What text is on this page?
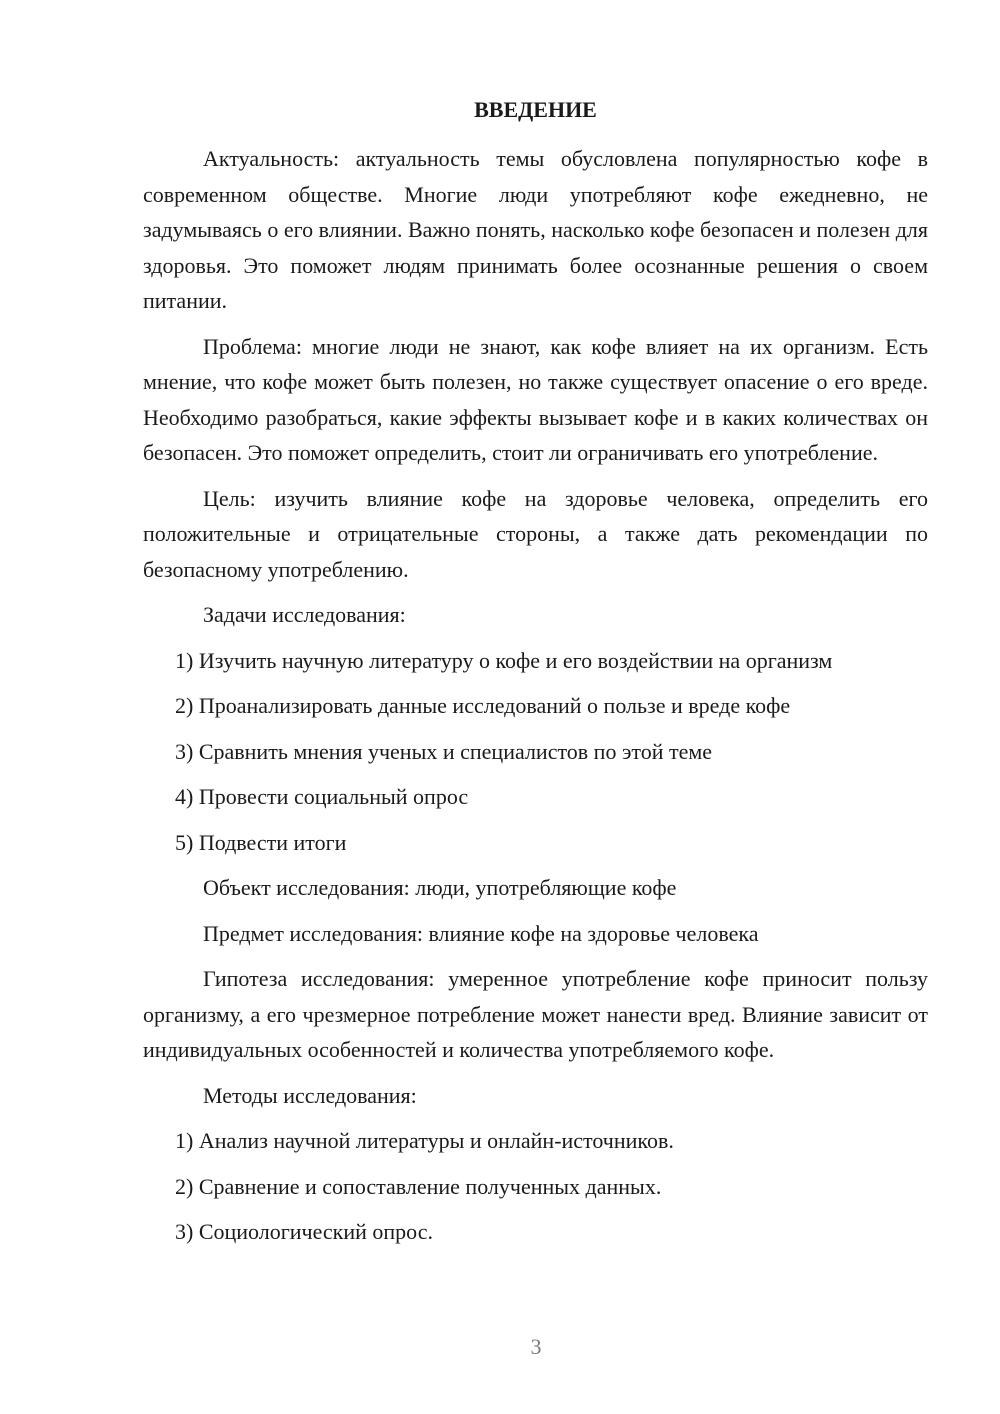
ВВЕДЕНИЕ
Актуальность: актуальность темы обусловлена популярностью кофе в современном обществе. Многие люди употребляют кофе ежедневно, не задумываясь о его влиянии. Важно понять, насколько кофе безопасен и полезен для здоровья. Это поможет людям принимать более осознанные решения о своем питании.
Проблема: многие люди не знают, как кофе влияет на их организм. Есть мнение, что кофе может быть полезен, но также существует опасение о его вреде. Необходимо разобраться, какие эффекты вызывает кофе и в каких количествах он безопасен. Это поможет определить, стоит ли ограничивать его употребление.
Цель: изучить влияние кофе на здоровье человека, определить его положительные и отрицательные стороны, а также дать рекомендации по безопасному употреблению.
Задачи исследования:
1) Изучить научную литературу о кофе и его воздействии на организм
2) Проанализировать данные исследований о пользе и вреде кофе
3) Сравнить мнения ученых и специалистов по этой теме
4) Провести социальный опрос
5) Подвести итоги
Объект исследования: люди, употребляющие кофе
Предмет исследования: влияние кофе на здоровье человека
Гипотеза исследования: умеренное употребление кофе приносит пользу организму, а его чрезмерное потребление может нанести вред. Влияние зависит от индивидуальных особенностей и количества употребляемого кофе.
Методы исследования:
1) Анализ научной литературы и онлайн-источников.
2) Сравнение и сопоставление полученных данных.
3) Социологический опрос.
3
